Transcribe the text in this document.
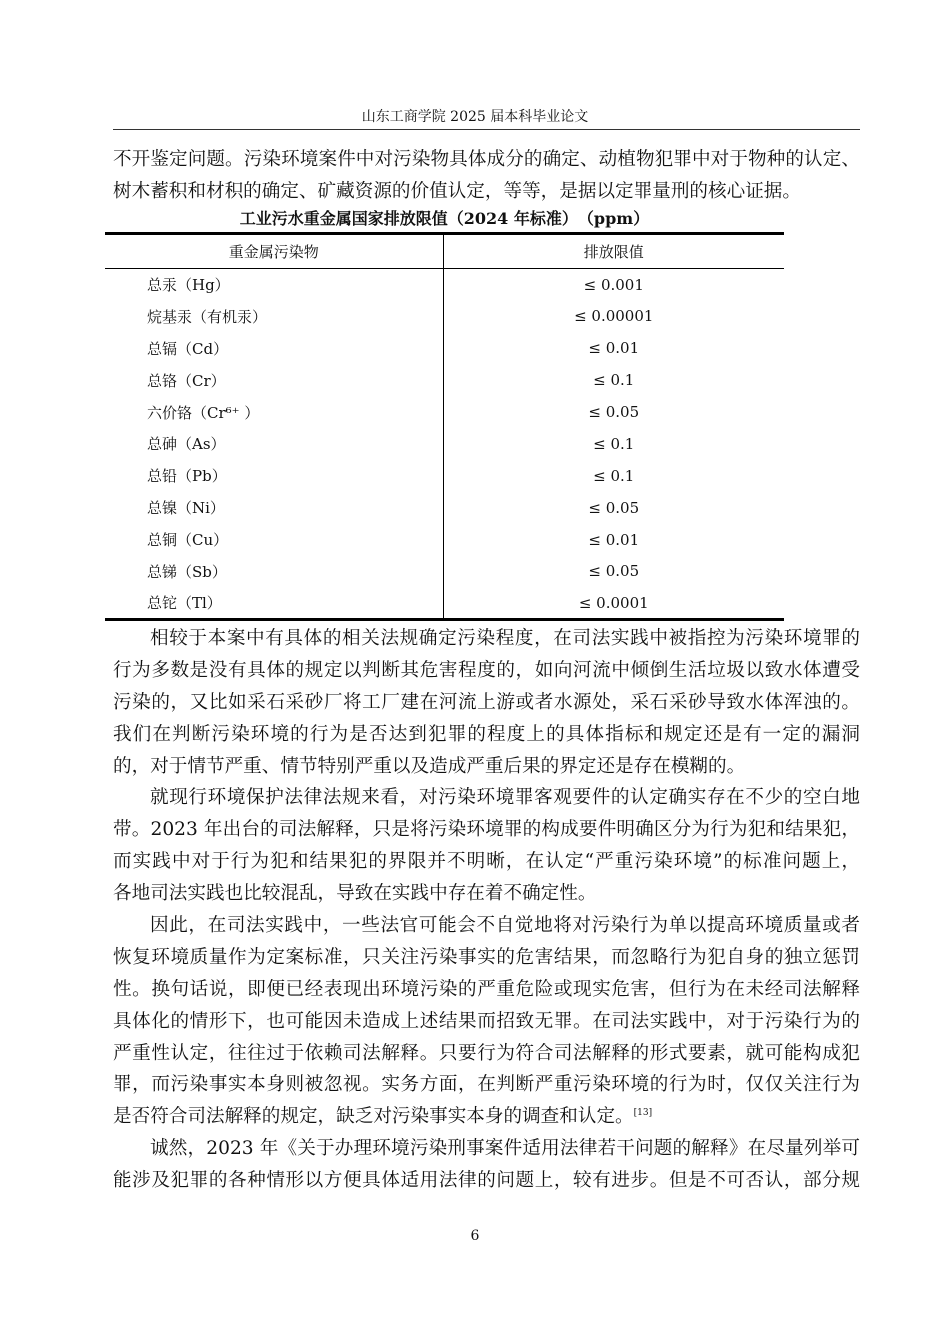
山东工商学院 2025 届本科毕业论文
不开鉴定问题。污染环境案件中对污染物具体成分的确定、动植物犯罪中对于物种的认定、
树木蓄积和材积的确定、矿藏资源的价值认定，等等，是据以定罪量刑的核心证据。
工业污水重金属国家排放限值（2024 年标准）　（ppm）
重金属污染物	排放限值
总汞（Hg）	≤ 0.001
烷基汞（有机汞）	≤ 0.00001
总镉（Cd）	≤ 0.01
总铬（Cr）	≤ 0.1
六价铬（Cr⁶⁺ ）	≤ 0.05
总砷（As）	≤ 0.1
总铅（Pb）	≤ 0.1
总镍（Ni）	≤ 0.05
总铜（Cu）	≤ 0.01
总锑（Sb）	≤ 0.05
总铊（Tl）	≤ 0.0001
相较于本案中有具体的相关法规确定污染程度，在司法实践中被指控为污染环境罪的
行为多数是没有具体的规定以判断其危害程度的，如向河流中倾倒生活垃圾以致水体遭受
污染的，又比如采石采砂厂将工厂建在河流上游或者水源处，采石采砂导致水体浑浊的。
我们在判断污染环境的行为是否达到犯罪的程度上的具体指标和规定还是有一定的漏洞
的，对于情节严重、情节特别严重以及造成严重后果的界定还是存在模糊的。
就现行环境保护法律法规来看，对污染环境罪客观要件的认定确实存在不少的空白地
带。2023 年出台的司法解释，只是将污染环境罪的构成要件明确区分为行为犯和结果犯，
而实践中对于行为犯和结果犯的界限并不明晰，在认定“严重污染环境”的标准问题上，
各地司法实践也比较混乱，导致在实践中存在着不确定性。
因此，在司法实践中，一些法官可能会不自觉地将对污染行为单以提高环境质量或者
恢复环境质量作为定案标准，只关注污染事实的危害结果，而忽略行为犯自身的独立惩罚
性。换句话说，即便已经表现出环境污染的严重危险或现实危害，但行为在未经司法解释
具体化的情形下，也可能因未造成上述结果而招致无罪。在司法实践中，对于污染行为的
严重性认定，往往过于依赖司法解释。只要行为符合司法解释的形式要素，就可能构成犯
罪，而污染事实本身则被忽视。实务方面，在判断严重污染环境的行为时，仅仅关注行为
是否符合司法解释的规定，缺乏对污染事实本身的调查和认定。[13]
诚然，2023 年《关于办理环境污染刑事案件适用法律若干问题的解释》在尽量列举可
能涉及犯罪的各种情形以方便具体适用法律的问题上，较有进步。但是不可否认，部分规
6
